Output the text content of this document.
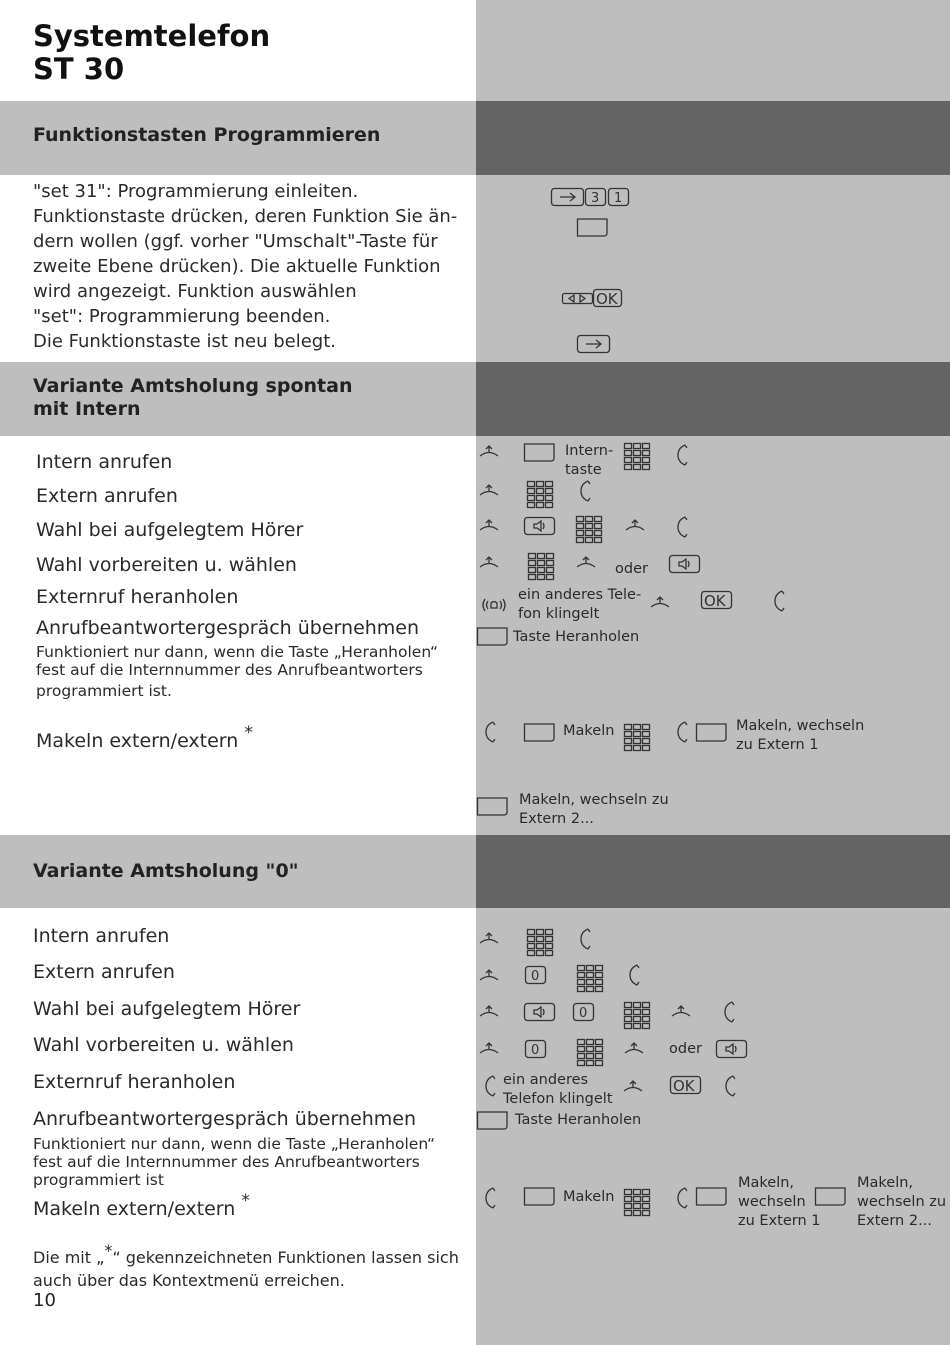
Systemtelefon
ST 30
Funktionstasten Programmieren
"set 31": Programmierung einleiten.
Funktionstaste drücken, deren Funktion Sie än-
dern wollen (ggf. vorher "Umschalt"-Taste für
zweite Ebene drücken). Die aktuelle Funktion
wird angezeigt. Funktion auswählen
"set": Programmierung beenden.
Die Funktionstaste ist neu belegt.
3 1
OK
Variante Amtsholung spontan
mit Intern
Intern anrufen
Extern anrufen
Wahl bei aufgelegtem Hörer
Wahl vorbereiten u. wählen
Externruf heranholen
Anrufbeantwortergespräch übernehmen
Funktioniert nur dann, wenn die Taste „Heranholen“
fest auf die Internnummer des Anrufbeantworters
programmiert ist.
Makeln extern/extern *
Intern-
taste
oder
ein anderes Tele-
fon klingelt
OK
Taste Heranholen
Makeln	Makeln, wechseln
zu Extern 1
Makeln, wechseln zu
Extern 2...
Variante Amtsholung "0"
Intern anrufen
Extern anrufen
Wahl bei aufgelegtem Hörer
Wahl vorbereiten u. wählen
Externruf heranholen
Anrufbeantwortergespräch übernehmen
Funktioniert nur dann, wenn die Taste „Heranholen“
fest auf die Internnummer des Anrufbeantworters
programmiert ist
Makeln extern/extern *
0
0
0	oder
ein anderes
Telefon klingelt
OK
Taste Heranholen
Makeln
Makeln,
wechseln
zu Extern 1
Makeln,
wechseln zu
Extern 2...
Die mit „*“ gekennzeichneten Funktionen lassen sich
auch über das Kontextmenü erreichen.
10
